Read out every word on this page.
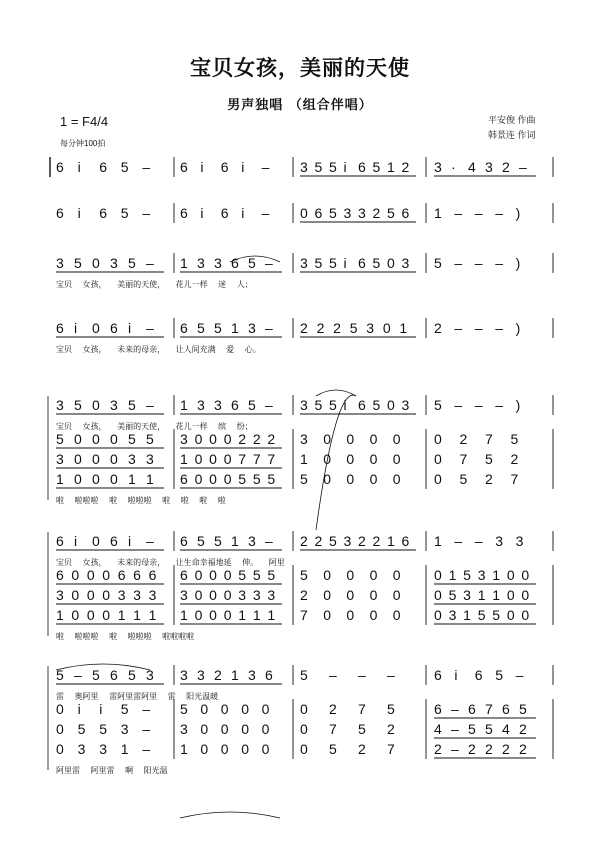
宝贝女孩，美丽的天使
男声独唱 （组合伴唱）
1 = F4/4
每分钟100拍
平安俊 作曲
韩景连 作词
6 i 6 5 – 6 i 6 i – 3 5 5 i 6 5 1 2 3 · 4 3 2 –
6 i 6 5 – 6 i 6 i – 0 6 5 3 3 2 5 6 1 – – – )
3 5 0 3 5 – 1 3 3 6 5 – 3 5 5 i 6 5 0 3 5 – – – )
宝贝 女孩， 美丽的天使， 花儿一样 迷 人；
6 i 0 6 i – 6 5 5 1 3 – 2 2 2 5 3 0 1 2 – – – )
宝贝 女孩， 未来的母亲， 让人间充满 爱 心。
3 5 0 3 5 – 1 3 3 6 5 – 3 5 5 i 6 5 0 3 5 – – – )
宝贝 女孩， 美丽的天使， 花儿一样 缤 纷；
5 0 0 0 5 5 3 0 0 0 2 2 2 3 0 0 0 0 0 2 7 5
3 0 0 0 3 3 1 0 0 0 7 7 7 1 0 0 0 0 0 7 5 2
1 0 0 0 1 1 6 0 0 0 5 5 5 5 0 0 0 0 0 5 2 7
啦 啦啦啦 啦 啦啦啦 啦 啦 啦 啦
6 i 0 6 i – 6 5 5 1 3 – 2 2 5 3 2 2 1 6 1 – – 3 3
宝贝 女孩， 未来的母亲， 让生命幸福地延 伸。 阿里
6 0 0 0 6 6 6 6 0 0 0 5 5 5 5 0 0 0 0 0 1 5 3 1 0 0
3 0 0 0 3 3 3 3 0 0 0 3 3 3 2 0 0 0 0 0 5 3 1 1 0 0
1 0 0 0 1 1 1 1 0 0 0 1 1 1 7 0 0 0 0 0 3 1 5 5 0 0
啦 啦啦啦 啦 啦啦啦 啦啦啦啦
5 – 5 6 5 3 3 3 2 1 3 6 5 – – –	6 i 6 5 –
雷 奥阿里 雷阿里雷阿里 雷 阳光温暖
0 i i 5 – 5 0 0 0 0 0 2 7 5	6 – 6 7 6 5
0 5 5 3 – 3 0 0 0 0 0 7 5 2	4 – 5 5 4 2
0 3 3 1 – 1 0 0 0 0 0 5 2 7	2 – 2 2 2 2
阿里雷 阿里雷 啊 阳光温
